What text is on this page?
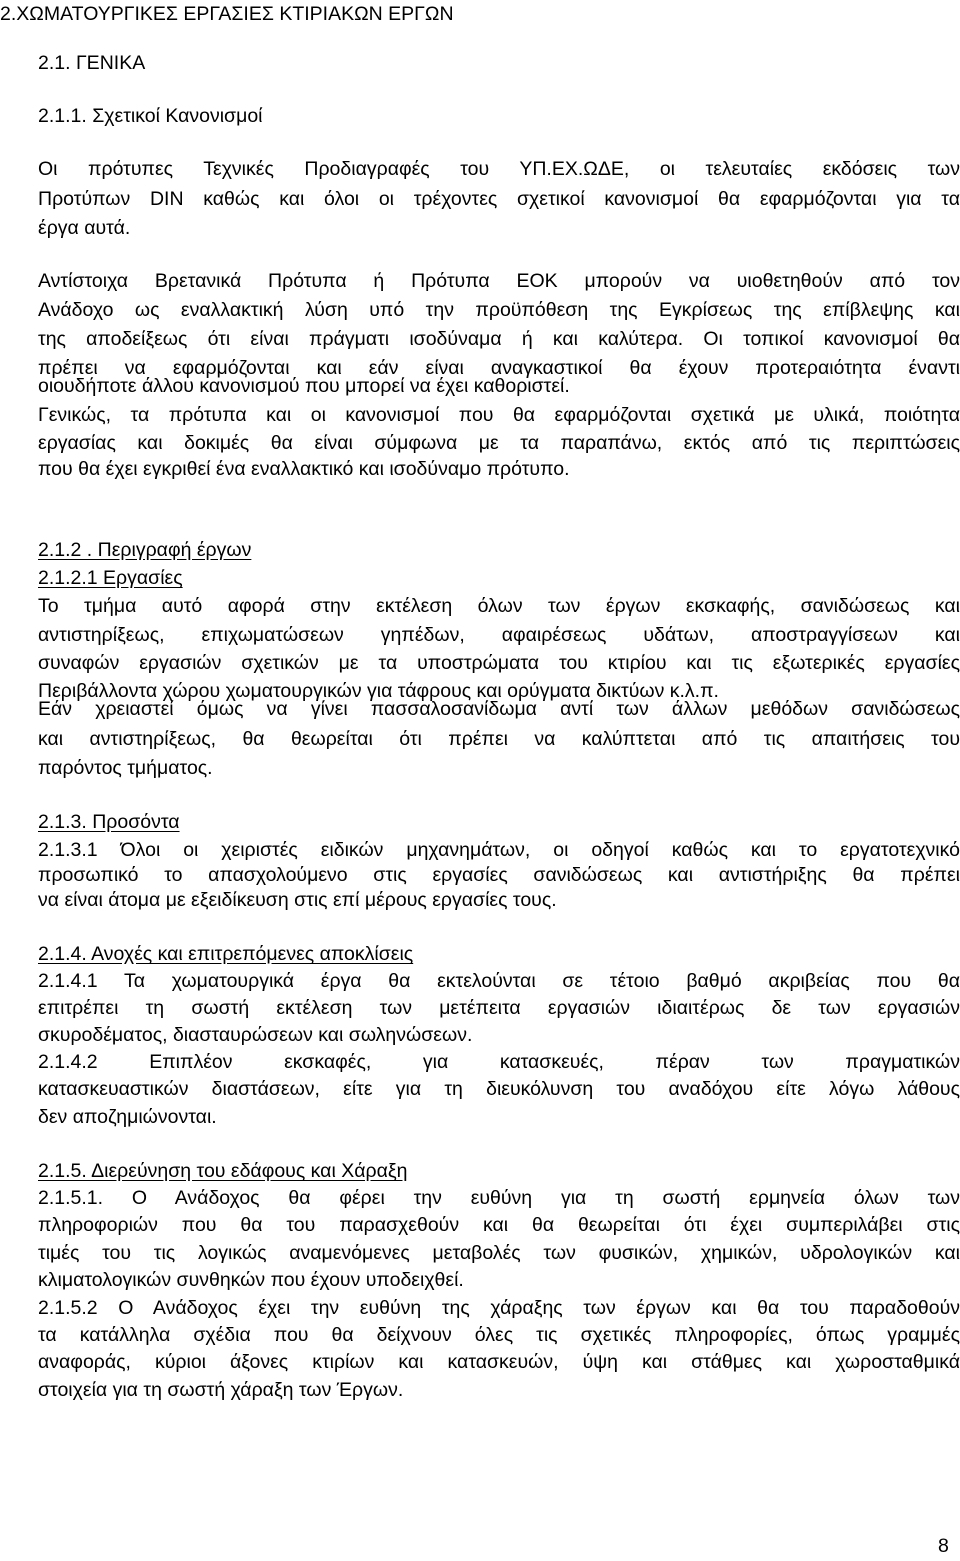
2.ΧΩΜΑΤΟΥΡΓΙΚΕΣ ΕΡΓΑΣΙΕΣ ΚΤΙΡΙΑΚΩΝ ΕΡΓΩΝ
2.1. ΓΕΝΙΚΑ
2.1.1. Σχετικοί Κανονισμοί
Οι πρότυπες Τεχνικές Προδιαγραφές του ΥΠ.ΕΧ.ΩΔΕ, οι τελευταίες εκδόσεις των
Προτύπων DIN καθώς και όλοι οι τρέχοντες σχετικοί κανονισμοί θα εφαρμόζονται για τα
έργα αυτά.
Αντίστοιχα Βρετανικά Πρότυπα ή Πρότυπα ΕΟΚ μπορούν να υιοθετηθούν από τον
Ανάδοχο ως εναλλακτική λύση υπό την προϋπόθεση της Εγκρίσεως της επίβλεψης και
της αποδείξεως ότι είναι πράγματι ισοδύναμα ή και καλύτερα. Οι τοπικοί κανονισμοί θα
πρέπει να εφαρμόζονται και εάν είναι αναγκαστικοί θα έχουν προτεραιότητα έναντι
οιουδήποτε άλλου κανονισμού που μπορεί να έχει καθοριστεί.
Γενικώς, τα πρότυπα και οι κανονισμοί που θα εφαρμόζονται σχετικά με υλικά, ποιότητα
εργασίας και δοκιμές θα είναι σύμφωνα με τα παραπάνω, εκτός από τις περιπτώσεις
που θα έχει εγκριθεί ένα εναλλακτικό και ισοδύναμο πρότυπο.
2.1.2 . Περιγραφή έργων
2.1.2.1 Εργασίες
Το τμήμα αυτό αφορά στην εκτέλεση όλων των έργων εκσκαφής, σανιδώσεως και
αντιστηρίξεως, επιχωματώσεων γηπέδων, αφαιρέσεως υδάτων, αποστραγγίσεων και
συναφών εργασιών σχετικών με τα υποστρώματα του κτιρίου και τις εξωτερικές εργασίες
Περιβάλλοντα χώρου χωματουργικών για τάφρους και ορύγματα δικτύων κ.λ.π.
Εάν χρειαστεί όμως να γίνει πασσαλοσανίδωμα αντί των άλλων μεθόδων σανιδώσεως
και αντιστηρίξεως, θα θεωρείται ότι πρέπει να καλύπτεται από τις απαιτήσεις του
παρόντος τμήματος.
2.1.3. Προσόντα
2.1.3.1 Όλοι οι χειριστές ειδικών μηχανημάτων, οι οδηγοί καθώς και το εργατοτεχνικό
προσωπικό το απασχολούμενο στις εργασίες σανιδώσεως και αντιστήριξης θα πρέπει
να είναι άτομα με εξειδίκευση στις επί μέρους εργασίες τους.
2.1.4. Ανοχές και επιτρεπόμενες αποκλίσεις
2.1.4.1 Τα χωματουργικά έργα θα εκτελούνται σε τέτοιο βαθμό ακριβείας που θα
επιτρέπει τη σωστή εκτέλεση των μετέπειτα εργασιών ιδιαιτέρως δε των εργασιών
σκυροδέματος, διασταυρώσεων και σωληνώσεων.
2.1.4.2 Επιπλέον εκσκαφές, για κατασκευές, πέραν των πραγματικών
κατασκευαστικών διαστάσεων, είτε για τη διευκόλυνση του αναδόχου είτε λόγω λάθους
δεν αποζημιώνονται.
2.1.5. Διερεύνηση του εδάφους και Χάραξη
2.1.5.1. Ο Ανάδοχος θα φέρει την ευθύνη για τη σωστή ερμηνεία όλων των
πληροφοριών που θα του παρασχεθούν και θα θεωρείται ότι έχει συμπεριλάβει στις
τιμές του τις λογικώς αναμενόμενες μεταβολές των φυσικών, χημικών, υδρολογικών και
κλιματολογικών συνθηκών που έχουν υποδειχθεί.
2.1.5.2 Ο Ανάδοχος έχει την ευθύνη της χάραξης των έργων και θα του παραδοθούν
τα κατάλληλα σχέδια που θα δείχνουν όλες τις σχετικές πληροφορίες, όπως γραμμές
αναφοράς, κύριοι άξονες κτιρίων και κατασκευών, ύψη και στάθμες και χωροσταθμικά
στοιχεία για τη σωστή χάραξη των Έργων.
8
